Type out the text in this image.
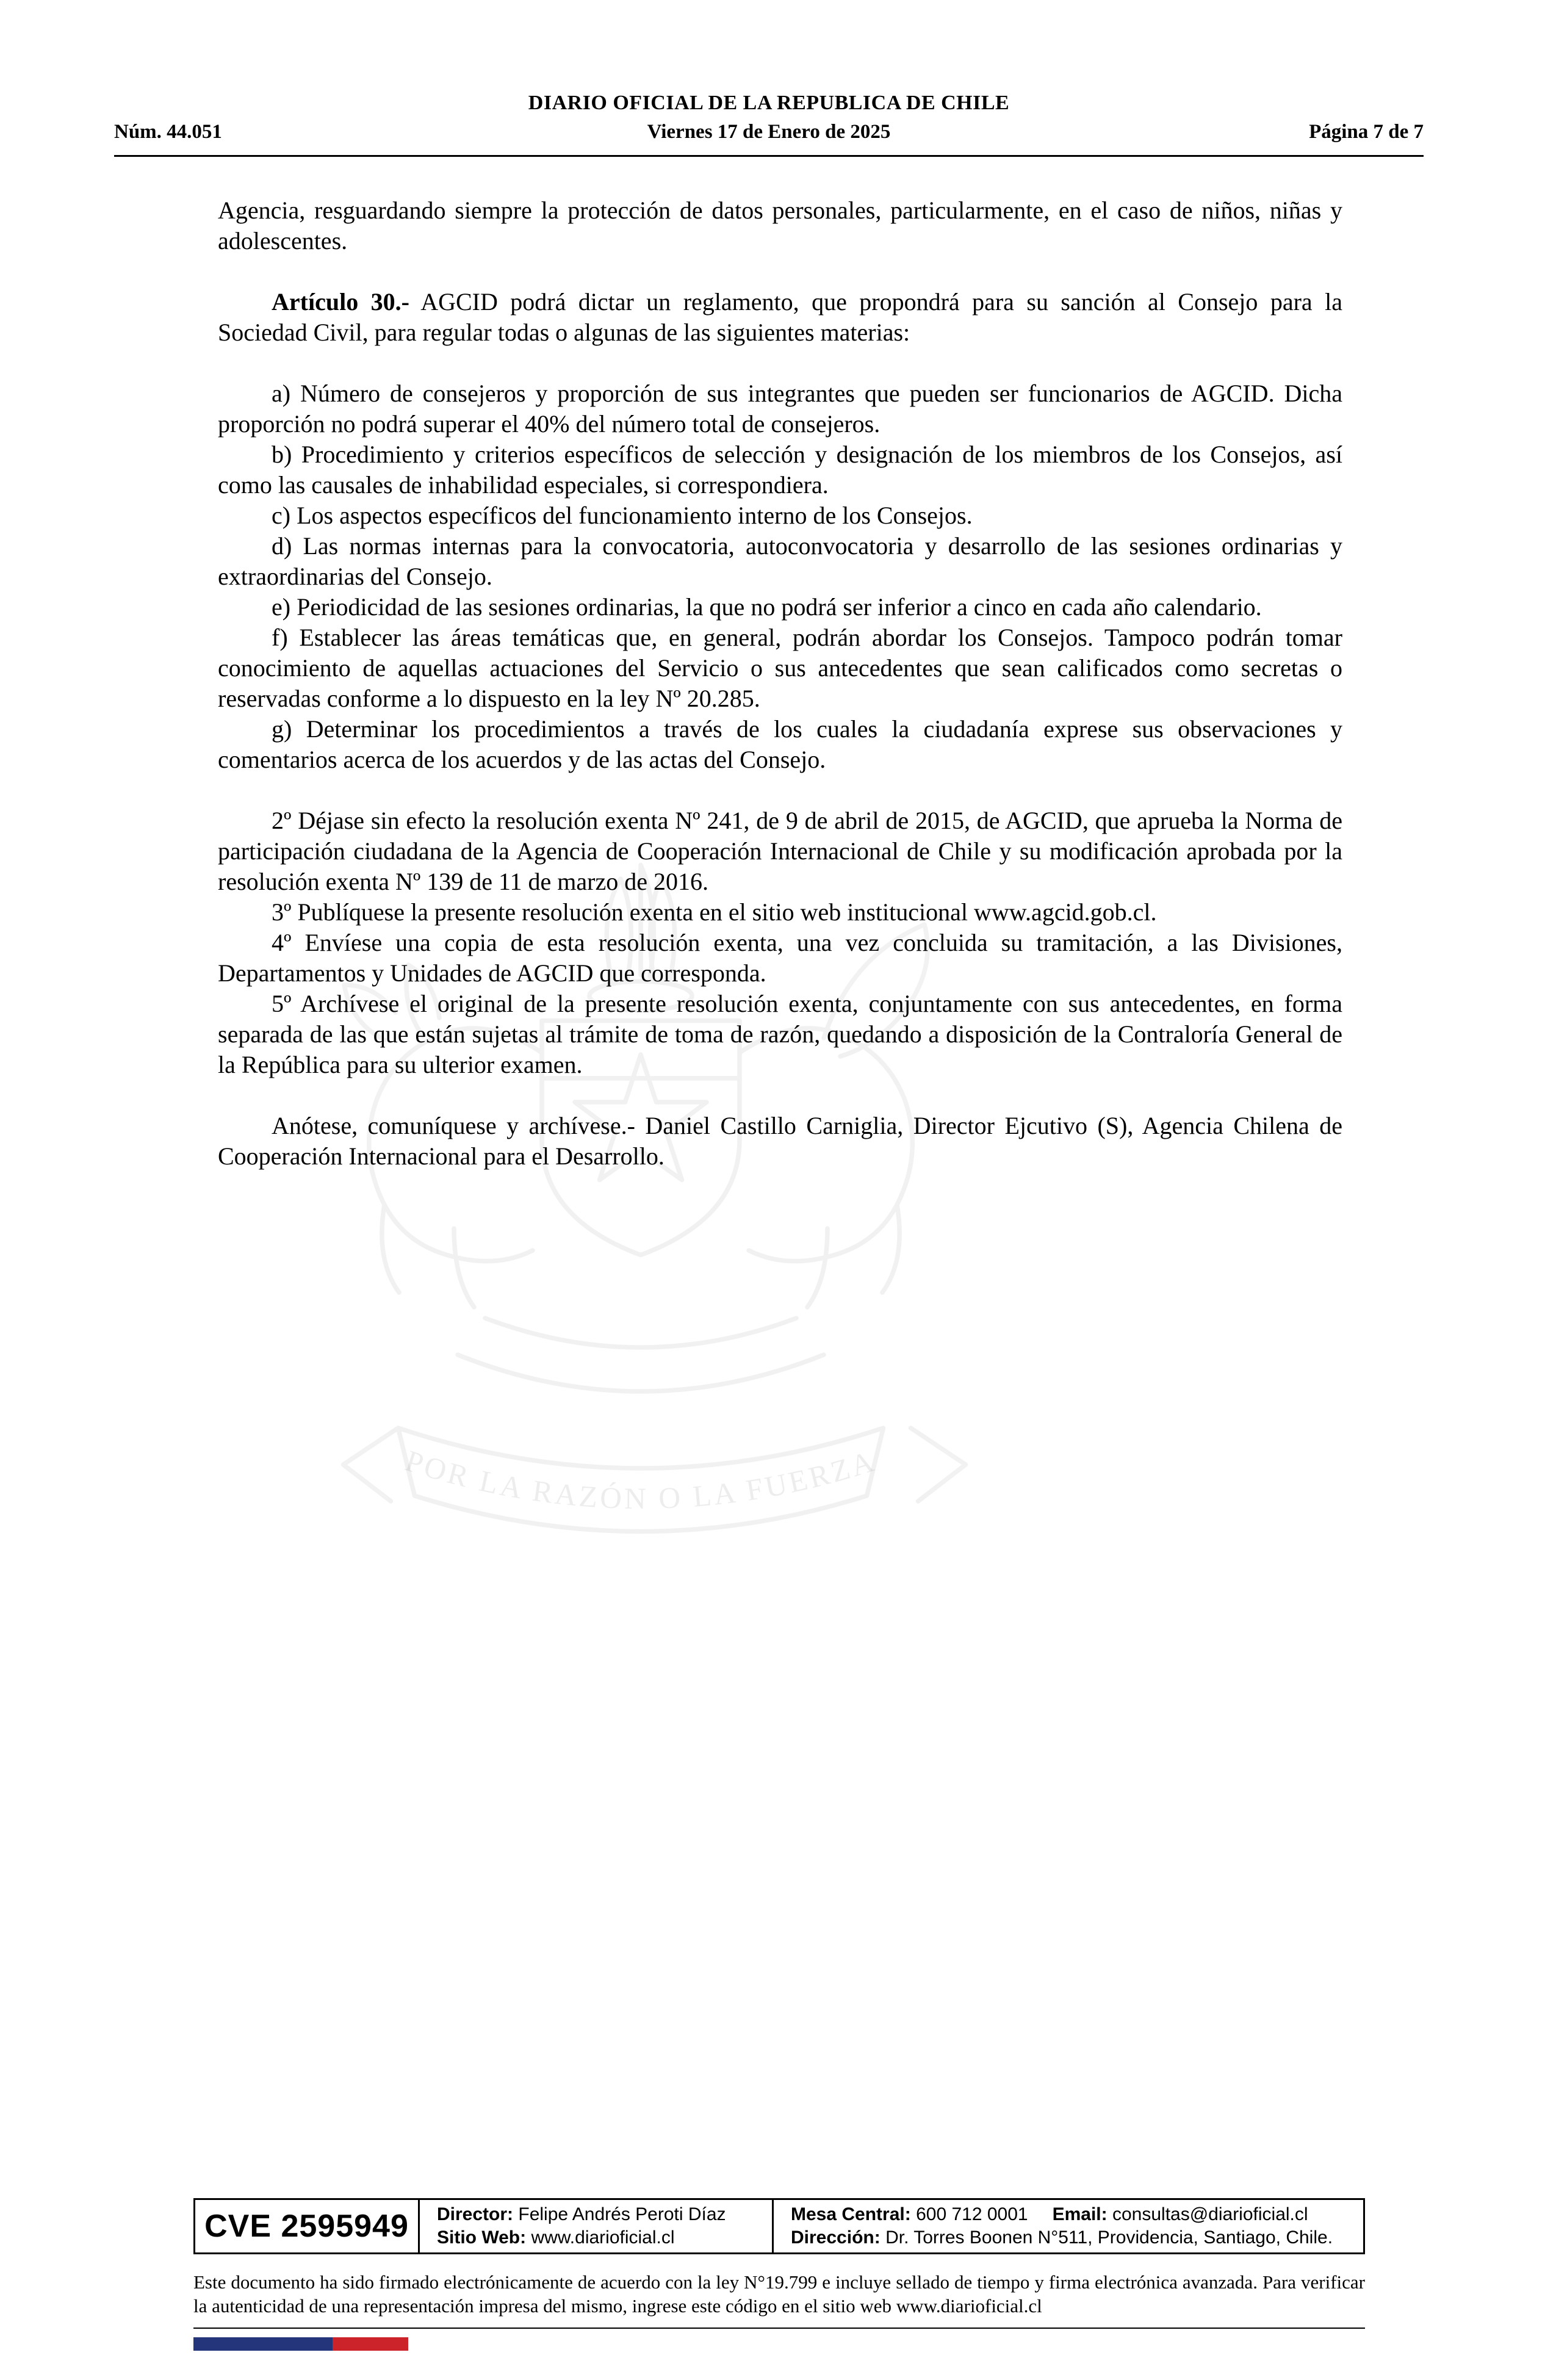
POR LA RAZÓN O LA FUERZA
DIARIO OFICIAL DE LA REPUBLICA DE CHILE
Núm. 44.051	Viernes 17 de Enero de 2025	Página 7 de 7

Agencia, resguardando siempre la protección de datos personales, particularmente, en el caso de niños, niñas y adolescentes.

Artículo 30.- AGCID podrá dictar un reglamento, que propondrá para su sanción al Consejo para la Sociedad Civil, para regular todas o algunas de las siguientes materias:

a) Número de consejeros y proporción de sus integrantes que pueden ser funcionarios de AGCID. Dicha proporción no podrá superar el 40% del número total de consejeros.

b) Procedimiento y criterios específicos de selección y designación de los miembros de los Consejos, así como las causales de inhabilidad especiales, si correspondiera.

c) Los aspectos específicos del funcionamiento interno de los Consejos.

d) Las normas internas para la convocatoria, autoconvocatoria y desarrollo de las sesiones ordinarias y extraordinarias del Consejo.

e) Periodicidad de las sesiones ordinarias, la que no podrá ser inferior a cinco en cada año calendario.

f) Establecer las áreas temáticas que, en general, podrán abordar los Consejos. Tampoco podrán tomar conocimiento de aquellas actuaciones del Servicio o sus antecedentes que sean calificados como secretas o reservadas conforme a lo dispuesto en la ley Nº 20.285.

g) Determinar los procedimientos a través de los cuales la ciudadanía exprese sus observaciones y comentarios acerca de los acuerdos y de las actas del Consejo.

2º Déjase sin efecto la resolución exenta Nº 241, de 9 de abril de 2015, de AGCID, que aprueba la Norma de participación ciudadana de la Agencia de Cooperación Internacional de Chile y su modificación aprobada por la resolución exenta Nº 139 de 11 de marzo de 2016.

3º Publíquese la presente resolución exenta en el sitio web institucional www.agcid.gob.cl.

4º Envíese una copia de esta resolución exenta, una vez concluida su tramitación, a las Divisiones, Departamentos y Unidades de AGCID que corresponda.

5º Archívese el original de la presente resolución exenta, conjuntamente con sus antecedentes, en forma separada de las que están sujetas al trámite de toma de razón, quedando a disposición de la Contraloría General de la República para su ulterior examen.

Anótese, comuníquese y archívese.- Daniel Castillo Carniglia, Director Ejcutivo (S), Agencia Chilena de Cooperación Internacional para el Desarrollo.

CVE 2595949	Director: Felipe Andrés Peroti Díaz
Sitio Web: www.diarioficial.cl
Mesa Central: 600 712 0001 Email: consultas@diarioficial.cl
Dirección: Dr. Torres Boonen N°511, Providencia, Santiago, Chile.

Este documento ha sido firmado electrónicamente de acuerdo con la ley N°19.799 e incluye sellado de tiempo y firma electrónica avanzada. Para verificar la autenticidad de una representación impresa del mismo, ingrese este código en el sitio web www.diarioficial.cl
